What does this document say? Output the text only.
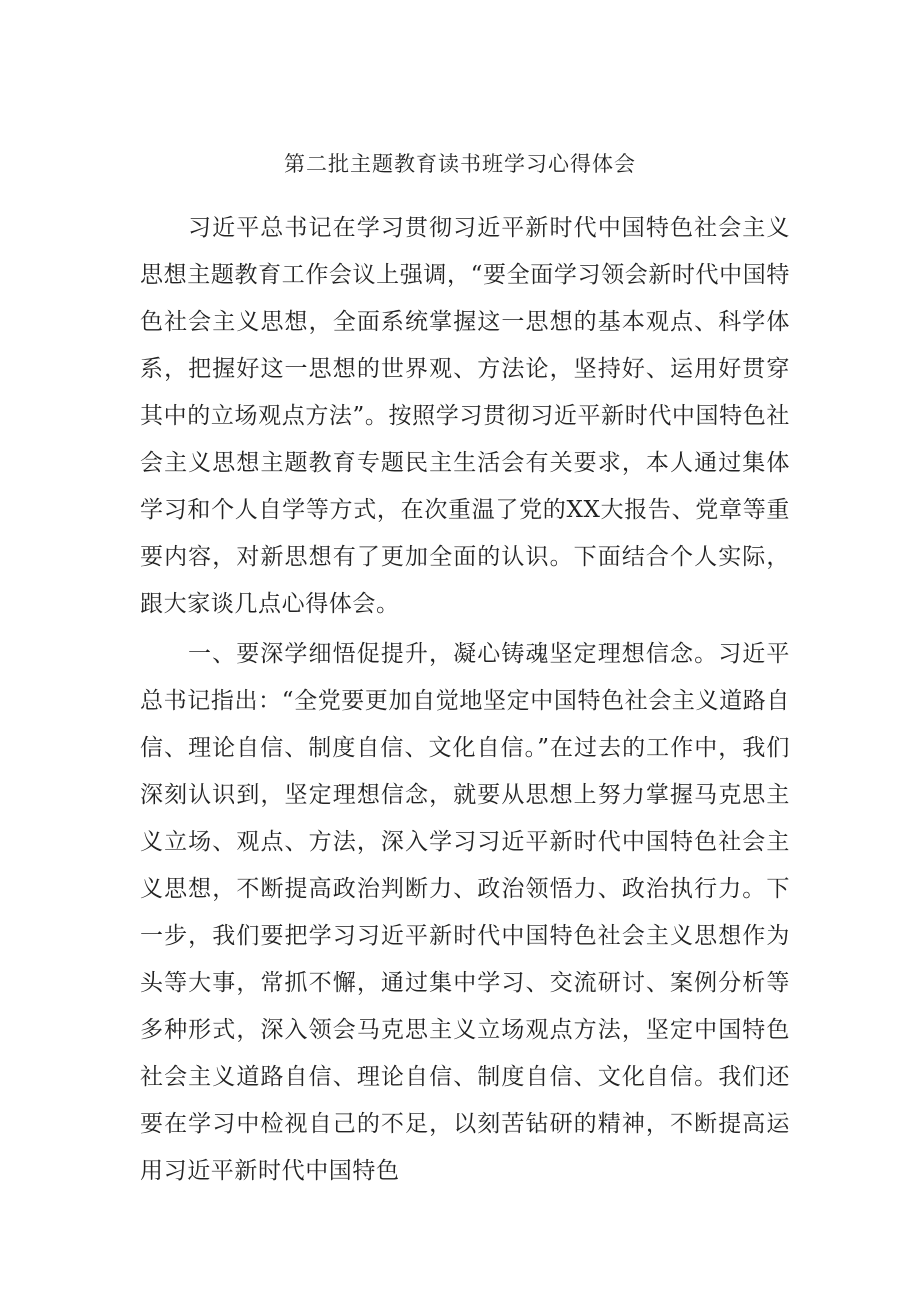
第二批主题教育读书班学习心得体会

习近平总书记在学习贯彻习近平新时代中国特色社会主义思想主题教育工作会议上强调，“要全面学习领会新时代中国特色社会主义思想，全面系统掌握这一思想的基本观点、科学体系，把握好这一思想的世界观、方法论，坚持好、运用好贯穿其中的立场观点方法”。按照学习贯彻习近平新时代中国特色社会主义思想主题教育专题民主生活会有关要求，本人通过集体学习和个人自学等方式，在次重温了党的XX大报告、党章等重要内容，对新思想有了更加全面的认识。下面结合个人实际，跟大家谈几点心得体会。

一、要深学细悟促提升，凝心铸魂坚定理想信念。习近平总书记指出：“全党要更加自觉地坚定中国特色社会主义道路自信、理论自信、制度自信、文化自信。”在过去的工作中，我们深刻认识到，坚定理想信念，就要从思想上努力掌握马克思主义立场、观点、方法，深入学习习近平新时代中国特色社会主义思想，不断提高政治判断力、政治领悟力、政治执行力。下一步，我们要把学习习近平新时代中国特色社会主义思想作为头等大事，常抓不懈，通过集中学习、交流研讨、案例分析等多种形式，深入领会马克思主义立场观点方法，坚定中国特色社会主义道路自信、理论自信、制度自信、文化自信。我们还要在学习中检视自己的不足，以刻苦钻研的精神，不断提高运用习近平新时代中国特色
